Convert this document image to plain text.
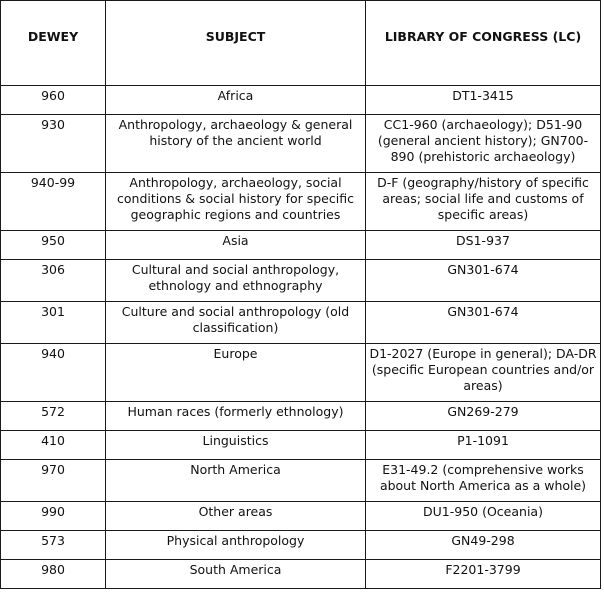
DEWEY	SUBJECT	LIBRARY OF CONGRESS (LC)
960	Africa	DT1-3415
930	Anthropology, archaeology & general history of the ancient world	CC1-960 (archaeology); D51-90 (general ancient history); GN700-890 (prehistoric archaeology)
940-99	Anthropology, archaeology, social conditions & social history for specific geographic regions and countries	D-F (geography/history of specific areas; social life and customs of specific areas)
950	Asia	DS1-937
306	Cultural and social anthropology, ethnology and ethnography	GN301-674
301	Culture and social anthropology (old classification)	GN301-674
940	Europe	D1-2027 (Europe in general); DA-DR (specific European countries and/or areas)
572	Human races (formerly ethnology)	GN269-279
410	Linguistics	P1-1091
970	North America	E31-49.2 (comprehensive works about North America as a whole)
990	Other areas	DU1-950 (Oceania)
573	Physical anthropology	GN49-298
980	South America	F2201-3799
